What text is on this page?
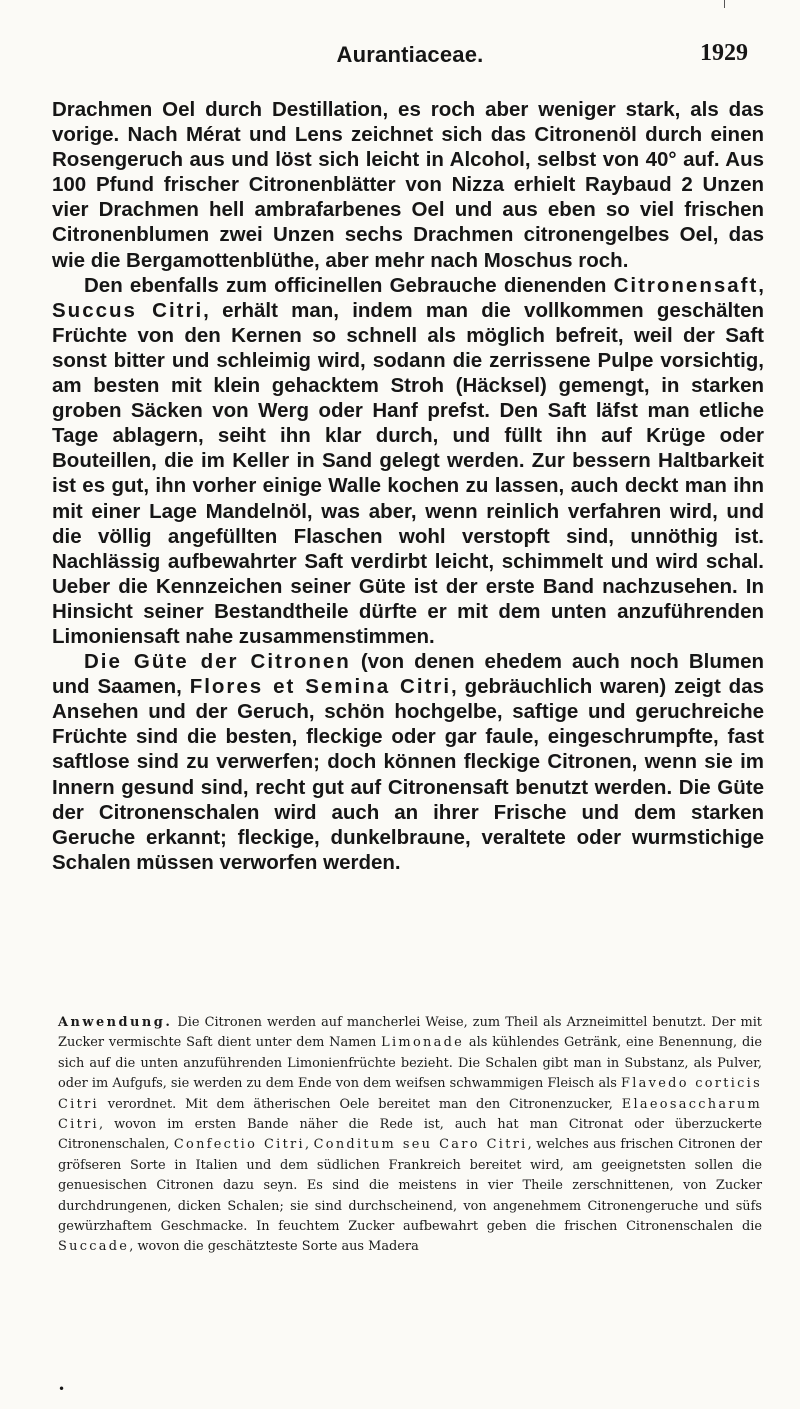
Aurantiaceae.	1929

Drachmen Oel durch Destillation, es roch aber weniger stark, als das vorige. Nach Mérat und Lens zeichnet sich das Citronenöl durch einen Rosengeruch aus und löst sich leicht in Alcohol, selbst von 40° auf. Aus 100 Pfund frischer Citronenblätter von Nizza erhielt Raybaud 2 Unzen vier Drachmen hell ambrafarbenes Oel und aus eben so viel frischen Citronenblumen zwei Unzen sechs Drachmen citronengelbes Oel, das wie die Bergamottenblüthe, aber mehr nach Moschus roch.

Den ebenfalls zum officinellen Gebrauche dienenden Citronensaft, Succus Citri, erhält man, indem man die vollkommen geschälten Früchte von den Kernen so schnell als möglich befreit, weil der Saft sonst bitter und schleimig wird, sodann die zerrissene Pulpe vorsichtig, am besten mit klein gehacktem Stroh (Häcksel) gemengt, in starken groben Säcken von Werg oder Hanf prefst. Den Saft läfst man etliche Tage ablagern, seiht ihn klar durch, und füllt ihn auf Krüge oder Bouteillen, die im Keller in Sand gelegt werden. Zur bessern Haltbarkeit ist es gut, ihn vorher einige Walle kochen zu lassen, auch deckt man ihn mit einer Lage Mandelnöl, was aber, wenn reinlich verfahren wird, und die völlig angefüllten Flaschen wohl verstopft sind, unnöthig ist. Nachlässig aufbewahrter Saft verdirbt leicht, schimmelt und wird schal. Ueber die Kennzeichen seiner Güte ist der erste Band nachzusehen. In Hinsicht seiner Bestandtheile dürfte er mit dem unten anzuführenden Limoniensaft nahe zusammenstimmen.

Die Güte der Citronen (von denen ehedem auch noch Blumen und Saamen, Flores et Semina Citri, gebräuchlich waren) zeigt das Ansehen und der Geruch, schön hochgelbe, saftige und geruchreiche Früchte sind die besten, fleckige oder gar faule, eingeschrumpfte, fast saftlose sind zu verwerfen; doch können fleckige Citronen, wenn sie im Innern gesund sind, recht gut auf Citronensaft benutzt werden. Die Güte der Citronenschalen wird auch an ihrer Frische und dem starken Geruche erkannt; fleckige, dunkelbraune, veraltete oder wurmstichige Schalen müssen verworfen werden.

Anwendung. Die Citronen werden auf mancherlei Weise, zum Theil als Arzneimittel benutzt. Der mit Zucker vermischte Saft dient unter dem Namen Limonade als kühlendes Getränk, eine Benennung, die sich auf die unten anzuführenden Limonienfrüchte bezieht. Die Schalen gibt man in Substanz, als Pulver, oder im Aufgufs, sie werden zu dem Ende von dem weifsen schwammigen Fleisch als Flavedo corticis Citri verordnet. Mit dem ätherischen Oele bereitet man den Citronenzucker, Elaeosaccharum Citri, wovon im ersten Bande näher die Rede ist, auch hat man Citronat oder überzuckerte Citronenschalen, Confectio Citri, Conditum seu Caro Citri, welches aus frischen Citronen der gröfseren Sorte in Italien und dem südlichen Frankreich bereitet wird, am geeignetsten sollen die genuesischen Citronen dazu seyn. Es sind die meistens in vier Theile zerschnittenen, von Zucker durchdrungenen, dicken Schalen; sie sind durchscheinend, von angenehmem Citronengeruche und süfs gewürzhaftem Geschmacke. In feuchtem Zucker aufbewahrt geben die frischen Citronenschalen die Succade, wovon die geschätzteste Sorte aus Madera

•
